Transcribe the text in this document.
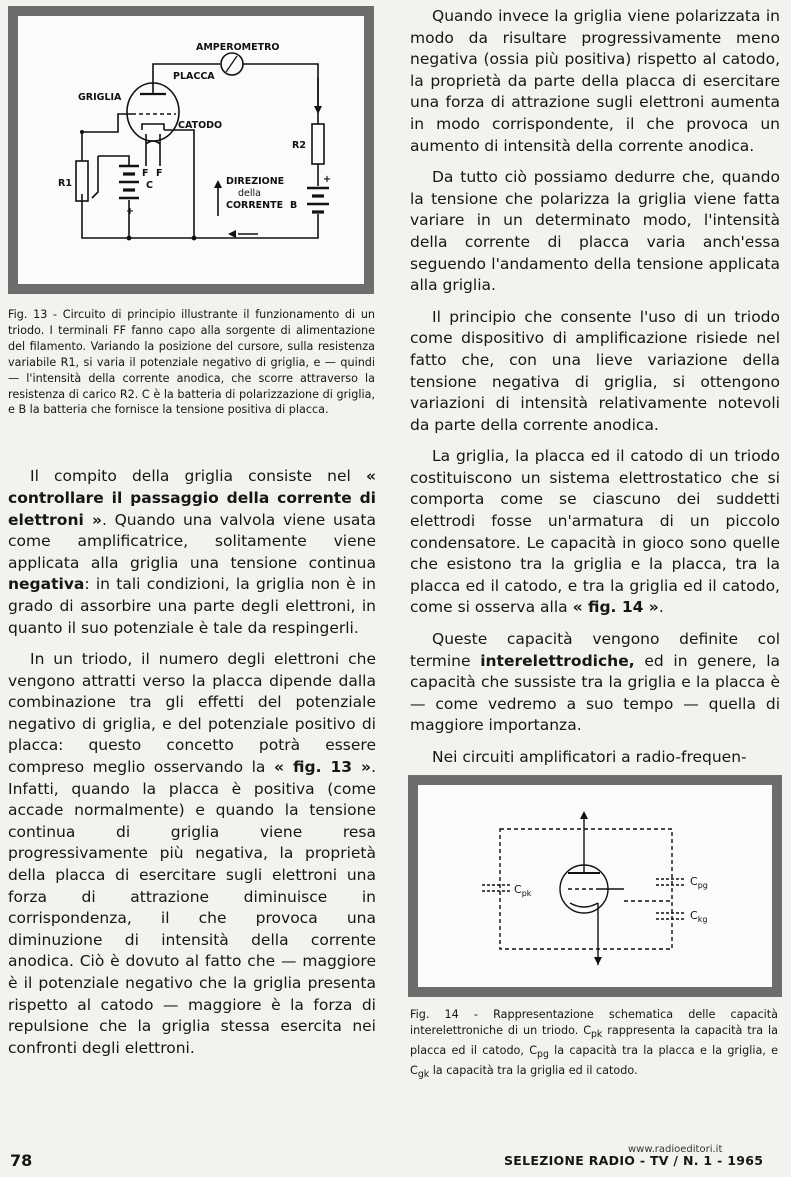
AMPEROMETRO
PLACCA
GRIGLIA
CATODO
F F
R1	C
+
R2
+
B
DIREZIONE
della
CORRENTE
Fig. 13 - Circuito di principio illustrante il funzionamento di un triodo. I terminali FF fanno capo alla sorgente di alimentazione del filamento. Variando la posizione del cursore, sulla resistenza variabile R1, si varia il potenziale negativo di griglia, e — quindi — l'intensità della corrente anodica, che scorre attraverso la resistenza di carico R2. C è la batteria di polarizzazione di griglia, e B la batteria che fornisce la tensione positiva di placca.

Il compito della griglia consiste nel « controllare il passaggio della corrente di elettroni ». Quando una valvola viene usata come amplificatrice, solitamente viene applicata alla griglia una tensione continua negativa: in tali condizioni, la griglia non è in grado di assorbire una parte degli elettroni, in quanto il suo potenziale è tale da respingerli.

In un triodo, il numero degli elettroni che vengono attratti verso la placca dipende dalla combinazione tra gli effetti del potenziale negativo di griglia, e del potenziale positivo di placca: questo concetto potrà essere compreso meglio osservando la « fig. 13 ». Infatti, quando la placca è positiva (come accade normalmente) e quando la tensione continua di griglia viene resa progressivamente più negativa, la proprietà della placca di esercitare sugli elettroni una forza di attrazione diminuisce in corrispondenza, il che provoca una diminuzione di intensità della corrente anodica. Ciò è dovuto al fatto che — maggiore è il potenziale negativo che la griglia presenta rispetto al catodo — maggiore è la forza di repulsione che la griglia stessa esercita nei confronti degli elettroni.

Quando invece la griglia viene polarizzata in modo da risultare progressivamente meno negativa (ossia più positiva) rispetto al catodo, la proprietà da parte della placca di esercitare una forza di attrazione sugli elettroni aumenta in modo corrispondente, il che provoca un aumento di intensità della corrente anodica.

Da tutto ciò possiamo dedurre che, quando la tensione che polarizza la griglia viene fatta variare in un determinato modo, l'intensità della corrente di placca varia anch'essa seguendo l'andamento della tensione applicata alla griglia.

Il principio che consente l'uso di un triodo come dispositivo di amplificazione risiede nel fatto che, con una lieve variazione della tensione negativa di griglia, si ottengono variazioni di intensità relativamente notevoli da parte della corrente anodica.

La griglia, la placca ed il catodo di un triodo costituiscono un sistema elettrostatico che si comporta come se ciascuno dei suddetti elettrodi fosse un'armatura di un piccolo condensatore. Le capacità in gioco sono quelle che esistono tra la griglia e la placca, tra la placca ed il catodo, e tra la griglia ed il catodo, come si osserva alla « fig. 14 ».

Queste capacità vengono definite col termine interelettrodiche, ed in genere, la capacità che sussiste tra la griglia e la placca è — come vedremo a suo tempo — quella di maggiore importanza.

Nei circuiti amplificatori a radio-frequen-

$C_{pk}$
$C_{pg}$
$C_{kg}$
Fig. 14 - Rappresentazione schematica delle capacità interelettroniche di un triodo. $C_{pk}$ rappresenta la capacità tra la placca ed il catodo, $C_{pg}$ la capacità tra la placca e la griglia, e $C_{gk}$ la capacità tra la griglia ed il catodo.
78
www.radioeditori.it
SELEZIONE RADIO - TV / N. 1 - 1965
